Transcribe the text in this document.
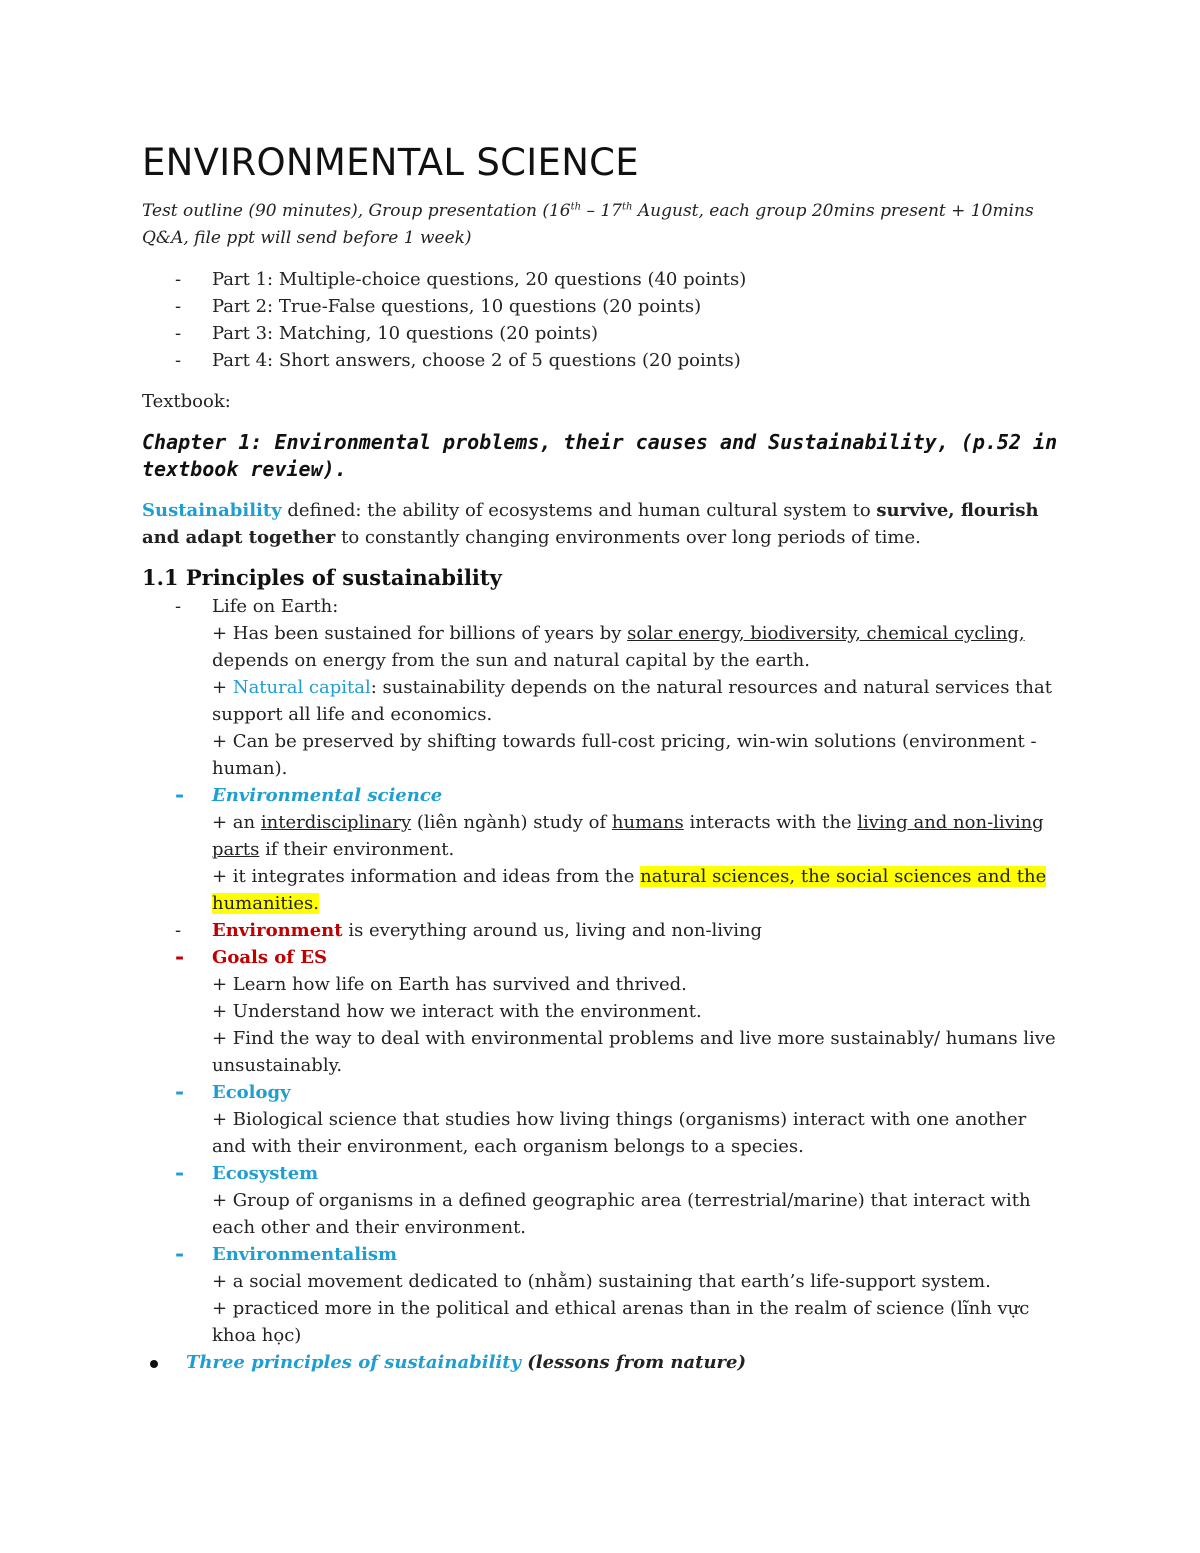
ENVIRONMENTAL SCIENCE

Test outline (90 minutes), Group presentation (16th – 17th August, each group 20mins present + 10mins Q&A, file ppt will send before 1 week)

- Part 1: Multiple-choice questions, 20 questions (40 points)
- Part 2: True-False questions, 10 questions (20 points)
- Part 3: Matching, 10 questions (20 points)
- Part 4: Short answers, choose 2 of 5 questions (20 points)

Textbook:

Chapter 1: Environmental problems, their causes and Sustainability, (p.52 in textbook review).

Sustainability defined: the ability of ecosystems and human cultural system to survive, flourish and adapt together to constantly changing environments over long periods of time.

1.1 Principles of sustainability

- Life on Earth:
+ Has been sustained for billions of years by solar energy, biodiversity, chemical cycling, depends on energy from the sun and natural capital by the earth.
+ Natural capital: sustainability depends on the natural resources and natural services that support all life and economics.
+ Can be preserved by shifting towards full-cost pricing, win-win solutions (environment - human).
- Environmental science
+ an interdisciplinary (liên ngành) study of humans interacts with the living and non-living parts if their environment.
+ it integrates information and ideas from the natural sciences, the social sciences and the humanities.
- Environment is everything around us, living and non-living
- Goals of ES
+ Learn how life on Earth has survived and thrived.
+ Understand how we interact with the environment.
+ Find the way to deal with environmental problems and live more sustainably/ humans live unsustainably.
- Ecology
+ Biological science that studies how living things (organisms) interact with one another and with their environment, each organism belongs to a species.
- Ecosystem
+ Group of organisms in a defined geographic area (terrestrial/marine) that interact with each other and their environment.
- Environmentalism
+ a social movement dedicated to (nhằm) sustaining that earth’s life-support system.
+ practiced more in the political and ethical arenas than in the realm of science (lĩnh vực khoa học)
Three principles of sustainability (lessons from nature)
